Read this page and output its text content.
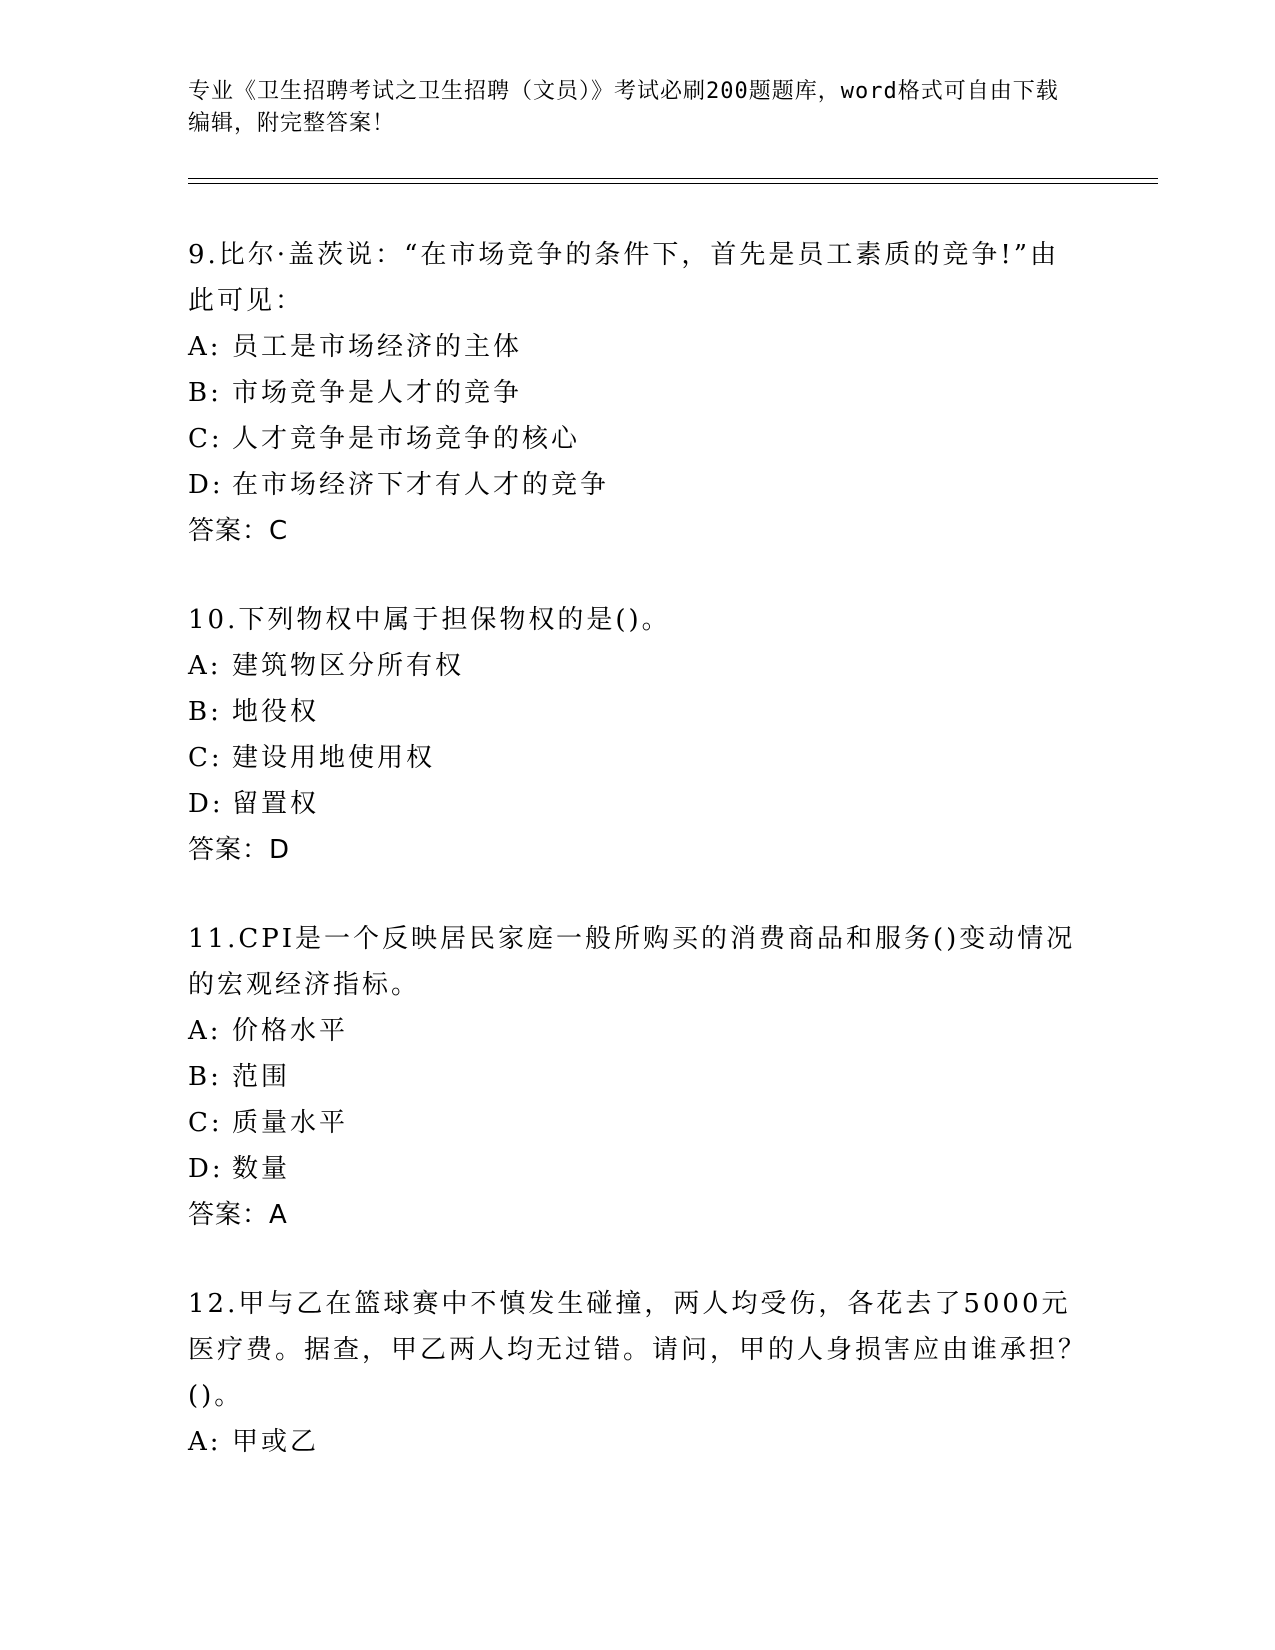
专业《卫生招聘考试之卫生招聘（文员）》考试必刷200题题库，word格式可自由下载编辑，附完整答案！
9.比尔·盖茨说：“在市场竞争的条件下，首先是员工素质的竞争!”由此可见：
A: 员工是市场经济的主体
B: 市场竞争是人才的竞争
C: 人才竞争是市场竞争的核心
D: 在市场经济下才有人才的竞争
答案：C
10.下列物权中属于担保物权的是()。
A: 建筑物区分所有权
B: 地役权
C: 建设用地使用权
D: 留置权
答案：D
11.CPI是一个反映居民家庭一般所购买的消费商品和服务()变动情况的宏观经济指标。
A: 价格水平
B: 范围
C: 质量水平
D: 数量
答案：A
12.甲与乙在篮球赛中不慎发生碰撞，两人均受伤，各花去了5000元医疗费。据查，甲乙两人均无过错。请问，甲的人身损害应由谁承担？()。
A: 甲或乙
